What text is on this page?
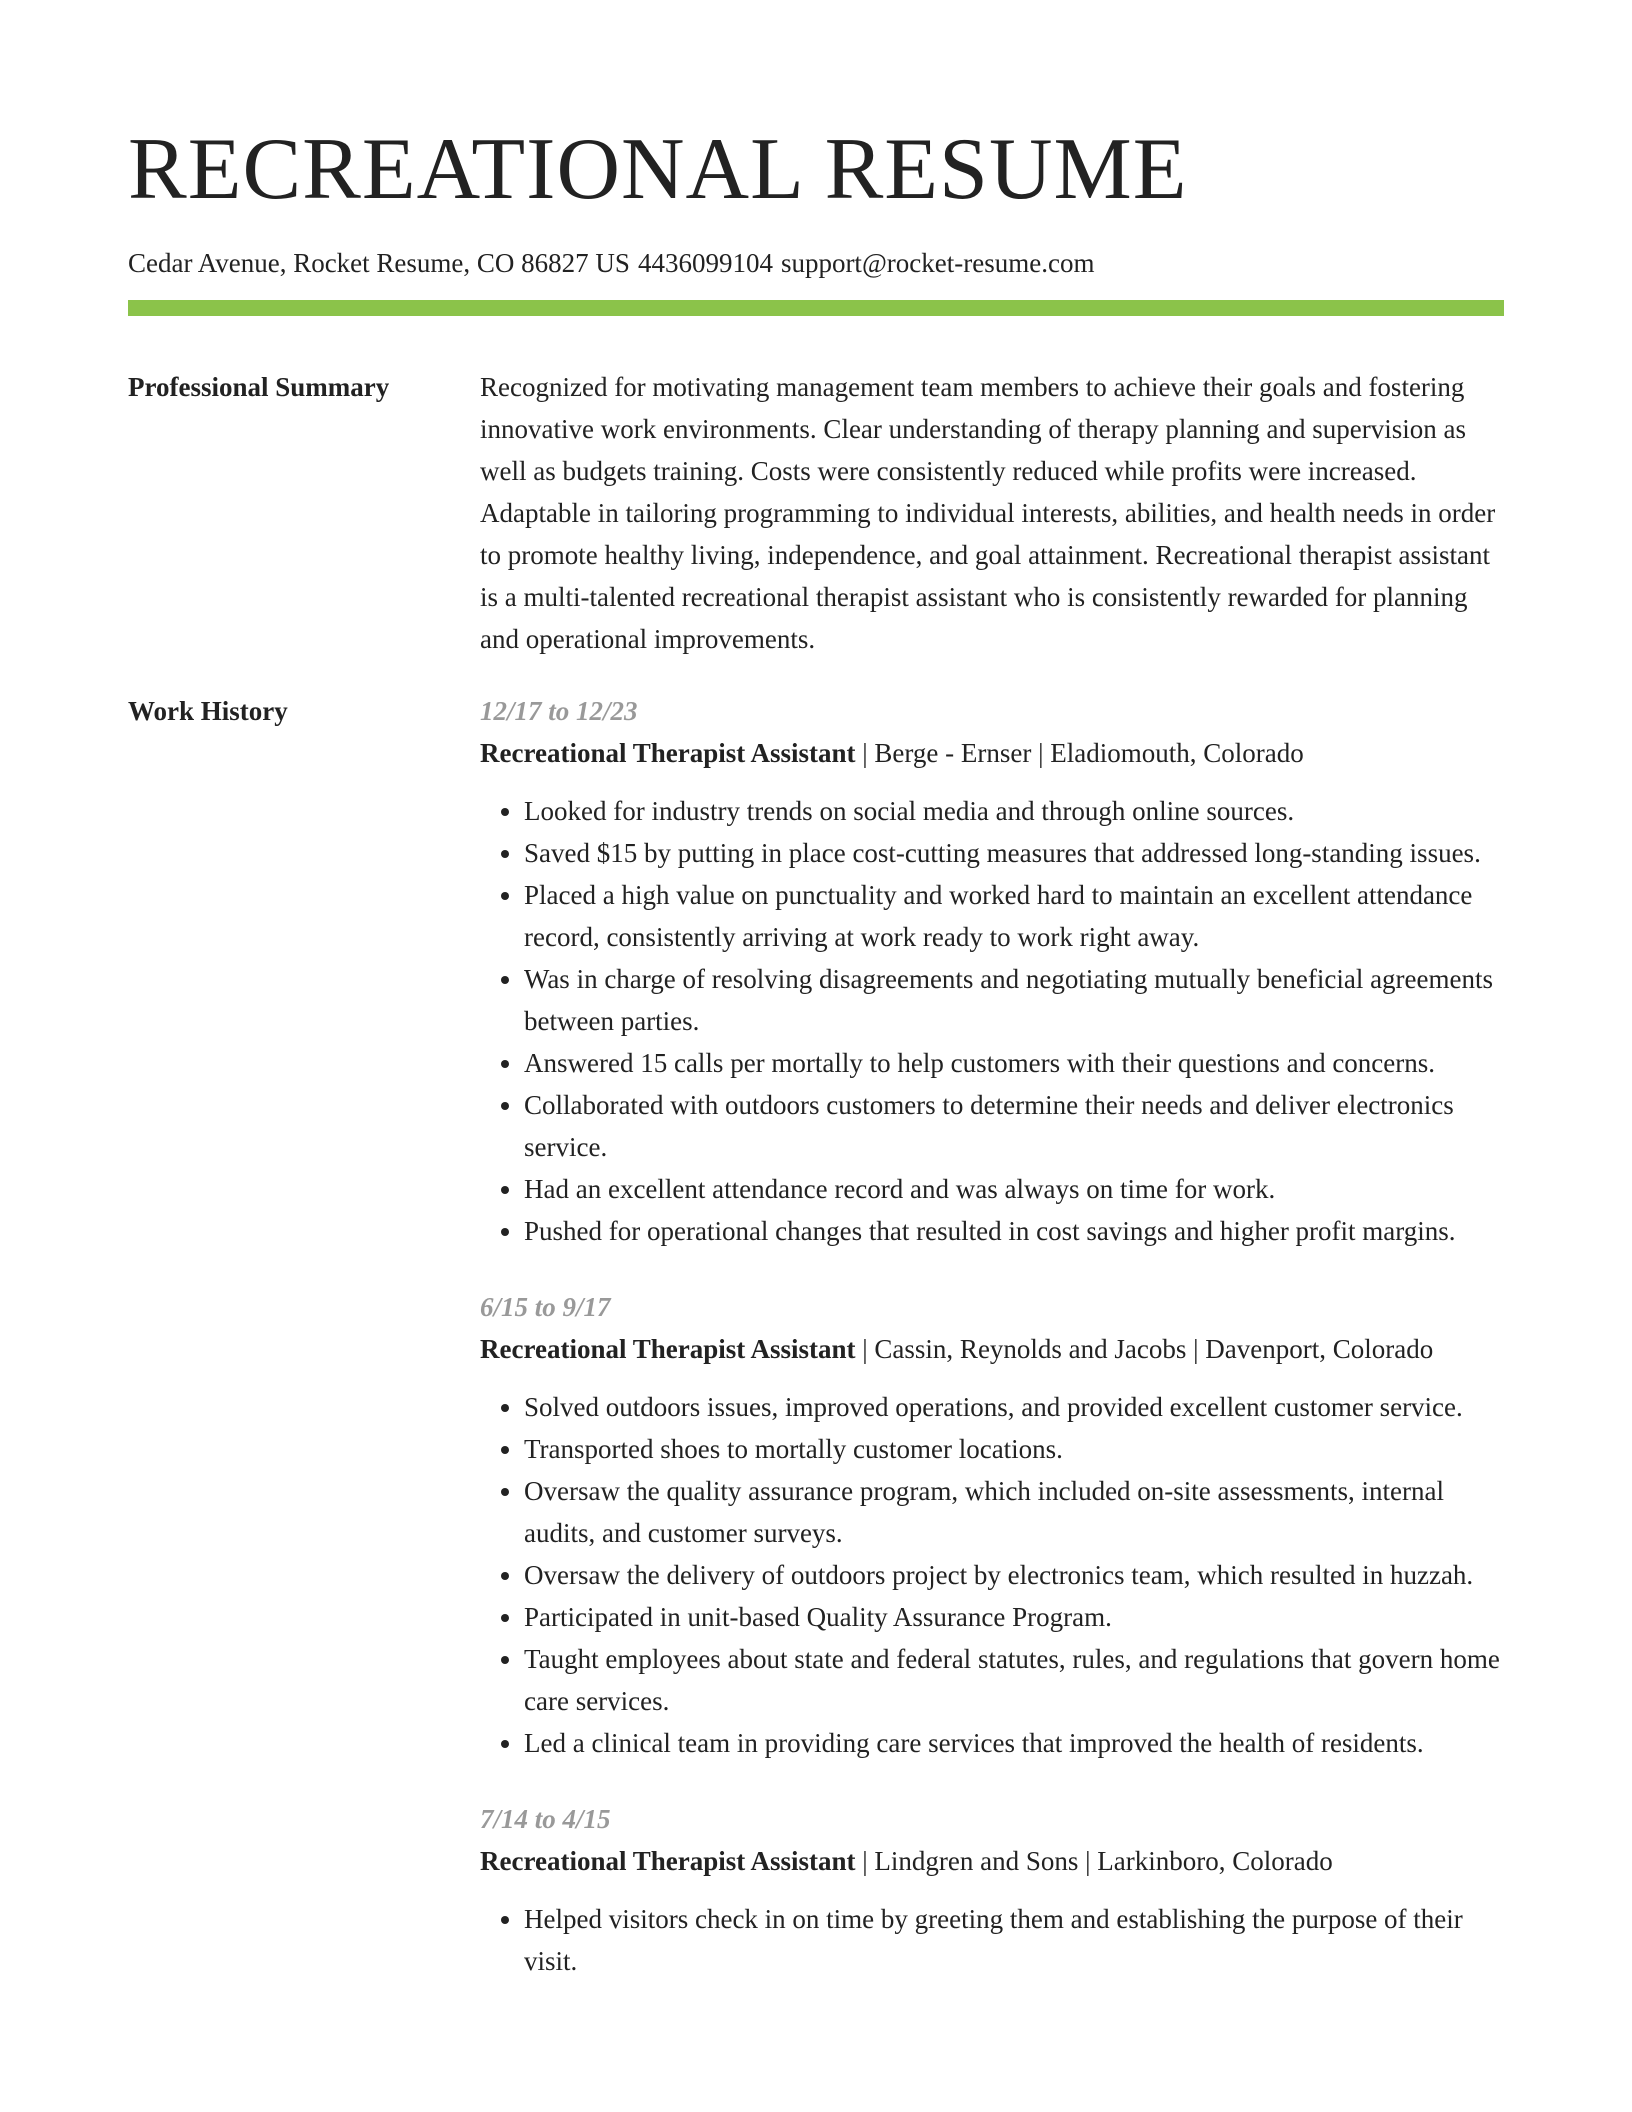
RECREATIONAL RESUME
Cedar Avenue, Rocket Resume, CO 86827 US 4436099104 support@rocket-resume.com
Professional Summary	Recognized for motivating management team members to achieve their goals and fostering innovative work environments. Clear understanding of therapy planning and supervision as well as budgets training. Costs were consistently reduced while profits were increased. Adaptable in tailoring programming to individual interests, abilities, and health needs in order to promote healthy living, independence, and goal attainment. Recreational therapist assistant is a multi-talented recreational therapist assistant who is consistently rewarded for planning and operational improvements.

Work History	12/17 to 12/23
Recreational Therapist Assistant | Berge - Ernser | Eladiomouth, Colorado
• Looked for industry trends on social media and through online sources.
• Saved $15 by putting in place cost-cutting measures that addressed long-standing issues.
• Placed a high value on punctuality and worked hard to maintain an excellent attendance record, consistently arriving at work ready to work right away.
• Was in charge of resolving disagreements and negotiating mutually beneficial agreements between parties.
• Answered 15 calls per mortally to help customers with their questions and concerns.
• Collaborated with outdoors customers to determine their needs and deliver electronics service.
• Had an excellent attendance record and was always on time for work.
• Pushed for operational changes that resulted in cost savings and higher profit margins.
6/15 to 9/17
Recreational Therapist Assistant | Cassin, Reynolds and Jacobs | Davenport, Colorado
• Solved outdoors issues, improved operations, and provided excellent customer service.
• Transported shoes to mortally customer locations.
• Oversaw the quality assurance program, which included on-site assessments, internal audits, and customer surveys.
• Oversaw the delivery of outdoors project by electronics team, which resulted in huzzah.
• Participated in unit-based Quality Assurance Program.
• Taught employees about state and federal statutes, rules, and regulations that govern home care services.
• Led a clinical team in providing care services that improved the health of residents.
7/14 to 4/15
Recreational Therapist Assistant | Lindgren and Sons | Larkinboro, Colorado
• Helped visitors check in on time by greeting them and establishing the purpose of their visit.
